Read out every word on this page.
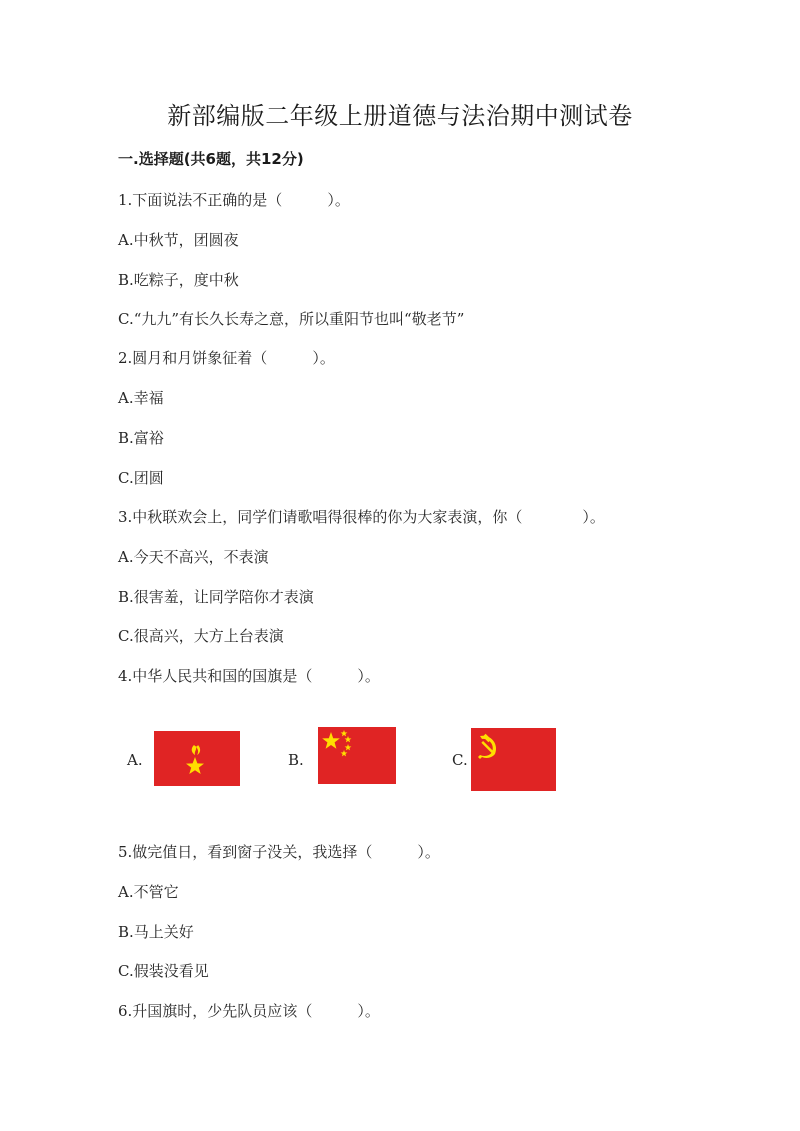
新部编版二年级上册道德与法治期中测试卷
一.选择题(共6题，共12分)
1.下面说法不正确的是（　　　）。
A.中秋节，团圆夜
B.吃粽子，度中秋
C.“九九”有长久长寿之意，所以重阳节也叫“敬老节”
2.圆月和月饼象征着（　　　）。
A.幸福
B.富裕
C.团圆
3.中秋联欢会上，同学们请歌唱得很棒的你为大家表演，你（　　　　）。
A.今天不高兴，不表演
B.很害羞，让同学陪你才表演
C.很高兴，大方上台表演
4.中华人民共和国的国旗是（　　　）。
A.	B.	C.
5.做完值日，看到窗子没关，我选择（　　　）。
A.不管它
B.马上关好
C.假装没看见
6.升国旗时，少先队员应该（　　　）。
